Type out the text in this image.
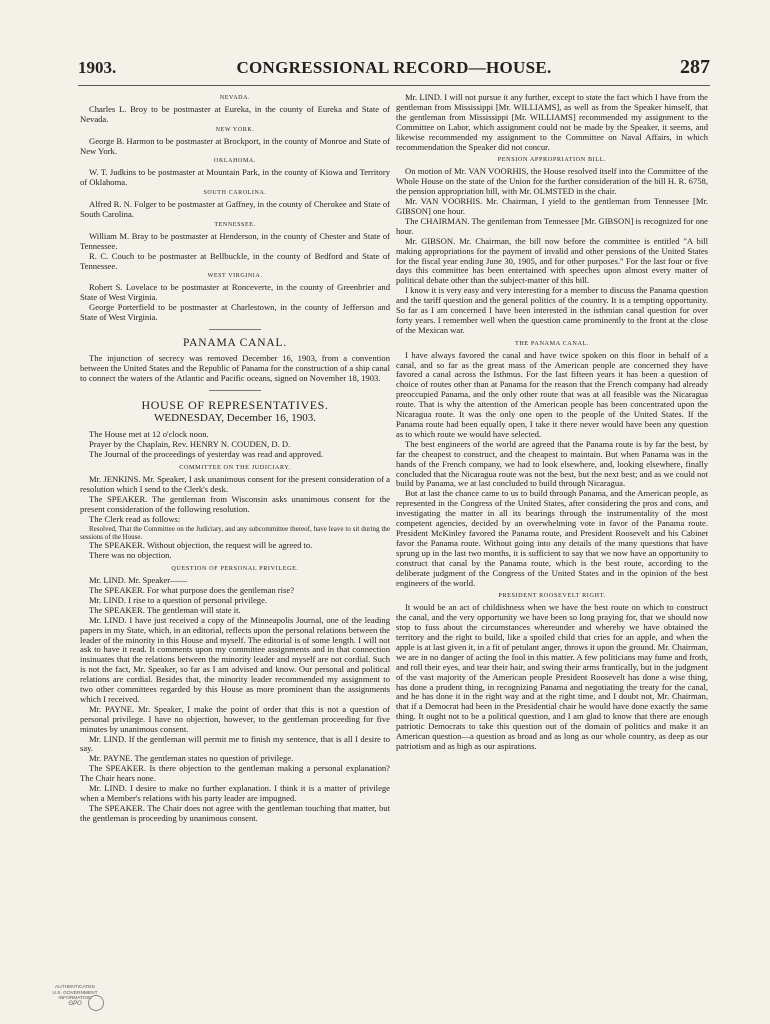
1903.	CONGRESSIONAL RECORD—HOUSE.	287
NEVADA.

Charles L. Broy to be postmaster at Eureka, in the county of Eureka and State of Nevada.

NEW YORK.

George B. Harmon to be postmaster at Brockport, in the county of Monroe and State of New York.

OKLAHOMA.

W. T. Judkins to be postmaster at Mountain Park, in the county of Kiowa and Territory of Oklahoma.

SOUTH CAROLINA.

Alfred R. N. Folger to be postmaster at Gaffney, in the county of Cherokee and State of South Carolina.

TENNESSEE.

William M. Bray to be postmaster at Henderson, in the county of Chester and State of Tennessee.

R. C. Couch to be postmaster at Bellbuckle, in the county of Bedford and State of Tennessee.

WEST VIRGINIA.

Robert S. Lovelace to be postmaster at Ronceverte, in the county of Greenbrier and State of West Virginia.

George Porterfield to be postmaster at Charlestown, in the county of Jefferson and State of West Virginia.

PANAMA CANAL.

The injunction of secrecy was removed December 16, 1903, from a convention between the United States and the Republic of Panama for the construction of a ship canal to connect the waters of the Atlantic and Pacific oceans, signed on November 18, 1903.

HOUSE OF REPRESENTATIVES.
WEDNESDAY, December 16, 1903.

The House met at 12 o'clock noon.

Prayer by the Chaplain, Rev. HENRY N. COUDEN, D. D.

The Journal of the proceedings of yesterday was read and approved.

COMMITTEE ON THE JUDICIARY.

Mr. JENKINS. Mr. Speaker, I ask unanimous consent for the present consideration of a resolution which I send to the Clerk's desk.

The SPEAKER. The gentleman from Wisconsin asks unanimous consent for the present consideration of the following resolution.

The Clerk read as follows:

Resolved, That the Committee on the Judiciary, and any subcommittee thereof, have leave to sit during the sessions of the House.

The SPEAKER. Without objection, the request will be agreed to.

There was no objection.

QUESTION OF PERSONAL PRIVILEGE.

Mr. LIND. Mr. Speaker——

The SPEAKER. For what purpose does the gentleman rise?

Mr. LIND. I rise to a question of personal privilege.

The SPEAKER. The gentleman will state it.

Mr. LIND. I have just received a copy of the Minneapolis Journal, one of the leading papers in my State, which, in an editorial, reflects upon the personal relations between the leader of the minority in this House and myself. The editorial is of some length. I will not ask to have it read. It comments upon my committee assignments and in that connection insinuates that the relations between the minority leader and myself are not cordial. Such is not the fact, Mr. Speaker, so far as I am advised and know. Our personal and political relations are cordial. Besides that, the minority leader recommended my assignment to two other committees regarded by this House as more prominent than the assignments which I received.

Mr. PAYNE. Mr. Speaker, I make the point of order that this is not a question of personal privilege. I have no objection, however, to the gentleman proceeding for five minutes by unanimous consent.

Mr. LIND. If the gentleman will permit me to finish my sentence, that is all I desire to say.

Mr. PAYNE. The gentleman states no question of privilege.

The SPEAKER. Is there objection to the gentleman making a personal explanation? The Chair hears none.

Mr. LIND. I desire to make no further explanation. I think it is a matter of privilege when a Member's relations with his party leader are impugned.

The SPEAKER. The Chair does not agree with the gentleman touching that matter, but the gentleman is proceeding by unanimous consent.

Mr. LIND. I will not pursue it any further, except to state the fact which I have from the gentleman from Mississippi [Mr. WILLIAMS], as well as from the Speaker himself, that the gentleman from Mississippi [Mr. WILLIAMS] recommended my assignment to the Committee on Labor, which assignment could not be made by the Speaker, it seems, and likewise recommended my assignment to the Committee on Naval Affairs, in which recommendation the Speaker did not concur.

PENSION APPROPRIATION BILL.

On motion of Mr. VAN VOORHIS, the House resolved itself into the Committee of the Whole House on the state of the Union for the further consideration of the bill H. R. 6758, the pension appropriation bill, with Mr. OLMSTED in the chair.

Mr. VAN VOORHIS. Mr. Chairman, I yield to the gentleman from Tennessee [Mr. GIBSON] one hour.

The CHAIRMAN. The gentleman from Tennessee [Mr. GIBSON] is recognized for one hour.

Mr. GIBSON. Mr. Chairman, the bill now before the committee is entitled "A bill making appropriations for the payment of invalid and other pensions of the United States for the fiscal year ending June 30, 1905, and for other purposes." For the last four or five days this committee has been entertained with speeches upon almost every matter of political debate other than the subject-matter of this bill.

I know it is very easy and very interesting for a member to discuss the Panama question and the tariff question and the general politics of the country. It is a tempting opportunity. So far as I am concerned I have been interested in the isthmian canal question for over forty years. I remember well when the question came prominently to the front at the close of the Mexican war.

THE PANAMA CANAL.

I have always favored the canal and have twice spoken on this floor in behalf of a canal, and so far as the great mass of the American people are concerned they have favored a canal across the Isthmus. For the last fifteen years it has been a question of choice of routes other than at Panama for the reason that the French company had already preoccupied Panama, and the only other route that was at all feasible was the Nicaragua route. That is why the attention of the American people has been concentrated upon the Nicaragua route. It was the only one open to the people of the United States. If the Panama route had been equally open, I take it there never would have been any question as to which route we would have selected.

The best engineers of the world are agreed that the Panama route is by far the best, by far the cheapest to construct, and the cheapest to maintain. But when Panama was in the hands of the French company, we had to look elsewhere, and, looking elsewhere, finally concluded that the Nicaragua route was not the best, but the next best; and as we could not build by Panama, we at last concluded to build through Nicaragua.

But at last the chance came to us to build through Panama, and the American people, as represented in the Congress of the United States, after considering the pros and cons, and investigating the matter in all its bearings through the instrumentality of the most competent agencies, decided by an overwhelming vote in favor of the Panama route. President McKinley favored the Panama route, and President Roosevelt and his Cabinet favor the Panama route. Without going into any details of the many questions that have sprung up in the last two months, it is sufficient to say that we now have an opportunity to construct that canal by the Panama route, which is the best route, according to the deliberate judgment of the Congress of the United States and in the opinion of the best engineers of the world.

PRESIDENT ROOSEVELT RIGHT.

It would be an act of childishness when we have the best route on which to construct the canal, and the very opportunity we have been so long praying for, that we should now stop to fuss about the circumstances whereunder and whereby we have obtained the territory and the right to build, like a spoiled child that cries for an apple, and when the apple is at last given it, in a fit of petulant anger, throws it upon the ground. Mr. Chairman, we are in no danger of acting the fool in this matter. A few politicians may fume and froth, and roll their eyes, and tear their hair, and swing their arms frantically, but in the judgment of the vast majority of the American people President Roosevelt has done a wise thing, has done a prudent thing, in recognizing Panama and negotiating the treaty for the canal, and he has done it in the right way and at the right time, and I doubt not, Mr. Chairman, that if a Democrat had been in the Presidential chair he would have done exactly the same thing. It ought not to be a political question, and I am glad to know that there are enough patriotic Democrats to take this question out of the domain of politics and make it an American question—a question as broad and as long as our whole country, as deep as our patriotism and as high as our aspirations.

AUTHENTICATED
U.S. GOVERNMENT
INFORMATION
GPO
